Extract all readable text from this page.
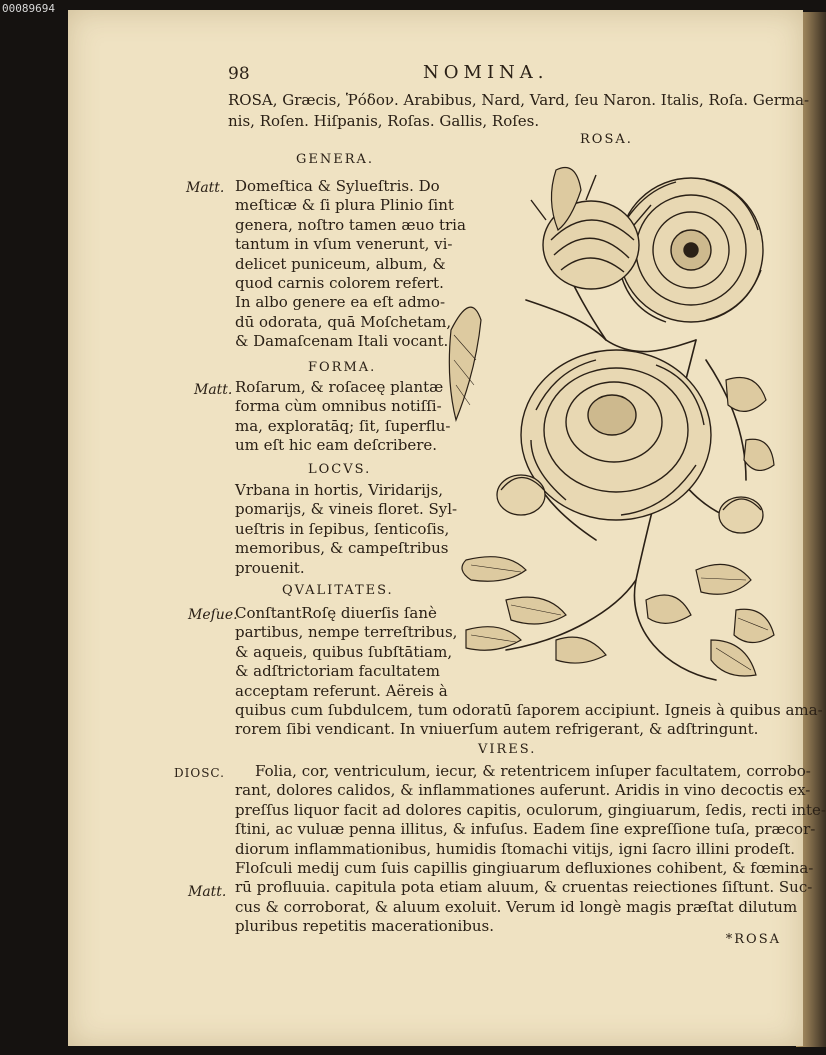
00089694
98	NOMINA.
ROSA, Græcis, Ῥόδον. Arabibus, Nard, Vard, ſeu Naron. Italis, Roſa. Germa-
nis, Roſen. Hiſpanis, Roſas. Gallis, Roſes.
ROSA.
GENERA.
Matt. Domeſtica & Sylueſtris. Do
meſticæ & ſi plura Plinio ſint
genera, noſtro tamen æuo tria
tantum in vſum venerunt, vi-
delicet puniceum, album, &
quod carnis colorem refert.
In albo genere ea eſt admo-
dū odorata, quā Moſchetam,
& Damaſcenam Itali vocant.
FORMA.
Matt. Roſarum, & roſaceę plantæ
forma cùm omnibus notiſſi-
ma, exploratāq; ſit, ſuperflu-
um eſt hic eam deſcribere.
LOCVS.
Vrbana in hortis, Viridarijs,
pomarijs, & vineis floret. Syl-
ueſtris in ſepibus, ſenticoſis,
memoribus, & campeſtribus
prouenit.
QVALITATES.
Meſue.
ConſtantRoſę diuerſis ſanè
partibus, nempe terreſtribus,
& aqueis, quibus ſubſtātiam,
& adſtrictoriam facultatem
acceptam referunt. Aëreis à
quibus cum ſubdulcem, tum odoratū ſaporem accipiunt. Igneis à quibus ama-
rorem ſibi vendicant. In vniuerſum autem refrigerant, & adſtringunt.
VIRES.
DIOSC.
Matt.
Folia, cor, ventriculum, iecur, & retentricem inſuper facultatem, corrobo-
rant, dolores calidos, & inflammationes auferunt. Aridis in vino decoctis ex-
preſſus liquor facit ad dolores capitis, oculorum, gingiuarum, ſedis, recti inte-
ſtini, ac vuluæ penna illitus, & infuſus. Eadem ſine expreſſione tuſa, præcor-
diorum inflammationibus, humidis ſtomachi vitijs, igni ſacro illini prodeſt.
Floſculi medij cum ſuis capillis gingiuarum defluxiones cohibent, & fœmina-
rū profluuia. capitula pota etiam aluum, & cruentas reiectiones ſiſtunt. Suc-
cus & corroborat, & aluum exoluit. Verum id longè magis præſtat dilutum
pluribus repetitis macerationibus.
*ROSA
